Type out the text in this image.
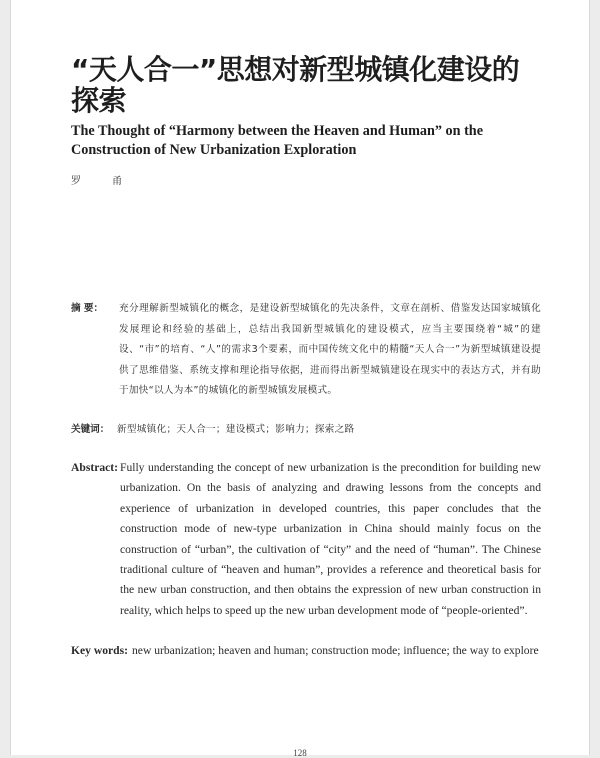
“天人合一”思想对新型城镇化建设的探索
The Thought of “Harmony between the Heaven and Human” on the Construction of New Urbanization Exploration
罗 甬
摘 要：	充分理解新型城镇化的概念，是建设新型城镇化的先决条件，文章在剖析、借鉴发达国家城镇化发展理论和经验的基础上，总结出我国新型城镇化的建设模式，应当主要围绕着“城”的建设、“市”的培育、“人”的需求3个要素，而中国传统文化中的精髓“天人合一”为新型城镇建设提供了思维借鉴、系统支撑和理论指导依据，进而得出新型城镇建设在现实中的表达方式，并有助于加快“以人为本”的城镇化的新型城镇发展模式。
关键词： 新型城镇化；天人合一；建设模式；影响力；探索之路
Abstract: Fully understanding the concept of new urbanization is the precondition for building new urbanization. On the basis of analyzing and drawing lessons from the concepts and experience of urbanization in developed countries, this paper concludes that the construction mode of new-type urbanization in China should mainly focus on the construction of “urban”, the cultivation of “city” and the need of “human”. The Chinese traditional culture of “heaven and human”, provides a reference and theoretical basis for the new urban construction, and then obtains the expression of new urban construction in reality, which helps to speed up the new urban development mode of “people-oriented”.
Key words: new urbanization; heaven and human; construction mode; influence; the way to explore
128
